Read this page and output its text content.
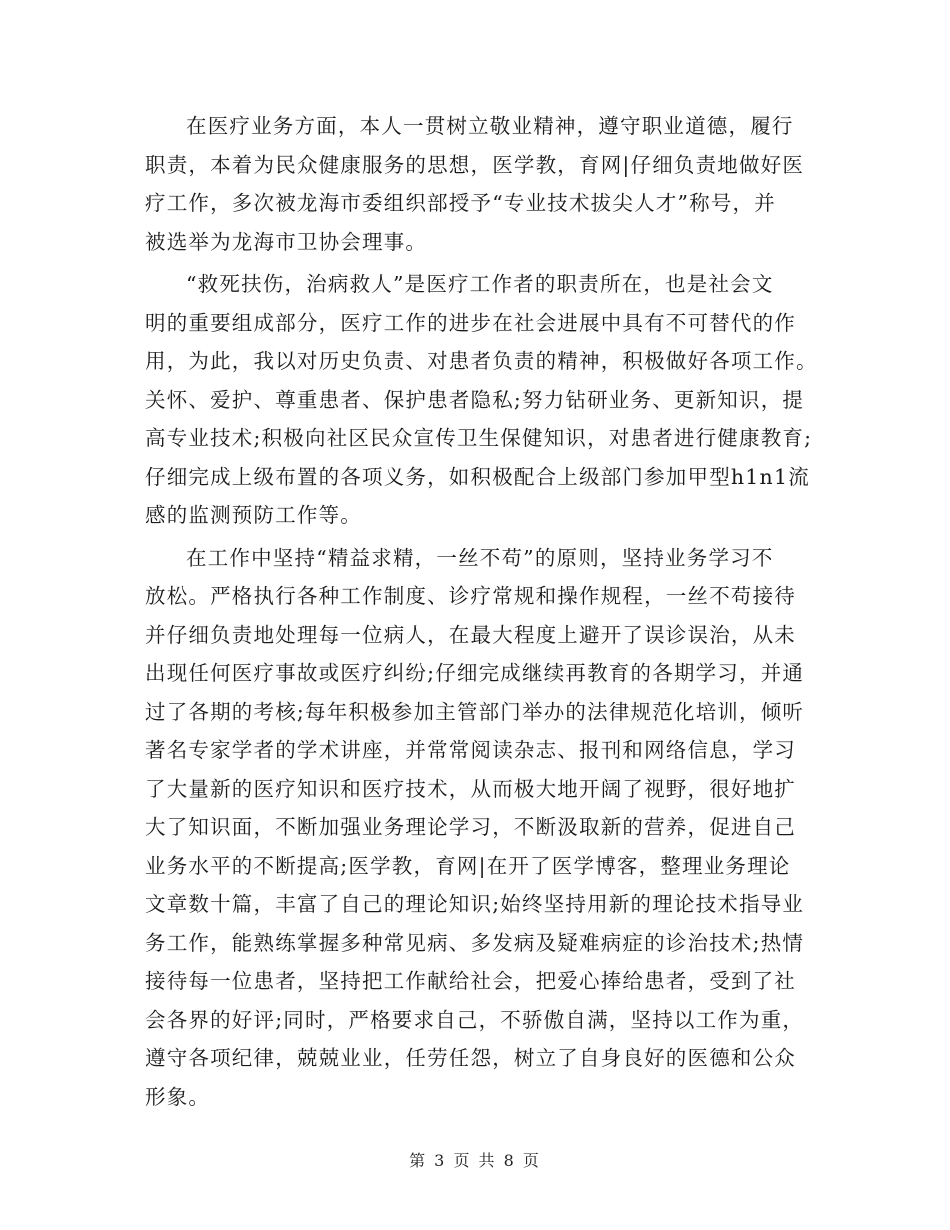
在医疗业务方面，本人一贯树立敬业精神，遵守职业道德，履行
职责，本着为民众健康服务的思想，医学教，育网|仔细负责地做好医
疗工作，多次被龙海市委组织部授予“专业技术拔尖人才”称号，并
被选举为龙海市卫协会理事。

“救死扶伤，治病救人”是医疗工作者的职责所在，也是社会文
明的重要组成部分，医疗工作的进步在社会进展中具有不可替代的作
用，为此，我以对历史负责、对患者负责的精神，积极做好各项工作。
关怀、爱护、尊重患者、保护患者隐私;努力钻研业务、更新知识，提
高专业技术;积极向社区民众宣传卫生保健知识，对患者进行健康教育;
仔细完成上级布置的各项义务，如积极配合上级部门参加甲型h1n1流
感的监测预防工作等。

在工作中坚持“精益求精，一丝不苟”的原则，坚持业务学习不
放松。严格执行各种工作制度、诊疗常规和操作规程，一丝不苟接待
并仔细负责地处理每一位病人，在最大程度上避开了误诊误治，从未
出现任何医疗事故或医疗纠纷;仔细完成继续再教育的各期学习，并通
过了各期的考核;每年积极参加主管部门举办的法律规范化培训，倾听
著名专家学者的学术讲座，并常常阅读杂志、报刊和网络信息，学习
了大量新的医疗知识和医疗技术，从而极大地开阔了视野，很好地扩
大了知识面，不断加强业务理论学习，不断汲取新的营养，促进自己
业务水平的不断提高;医学教，育网|在开了医学博客，整理业务理论
文章数十篇，丰富了自己的理论知识;始终坚持用新的理论技术指导业
务工作，能熟练掌握多种常见病、多发病及疑难病症的诊治技术;热情
接待每一位患者，坚持把工作献给社会，把爱心捧给患者，受到了社
会各界的好评;同时，严格要求自己，不骄傲自满，坚持以工作为重，
遵守各项纪律，兢兢业业，任劳任怨，树立了自身良好的医德和公众
形象。

第 3 页 共 8 页
